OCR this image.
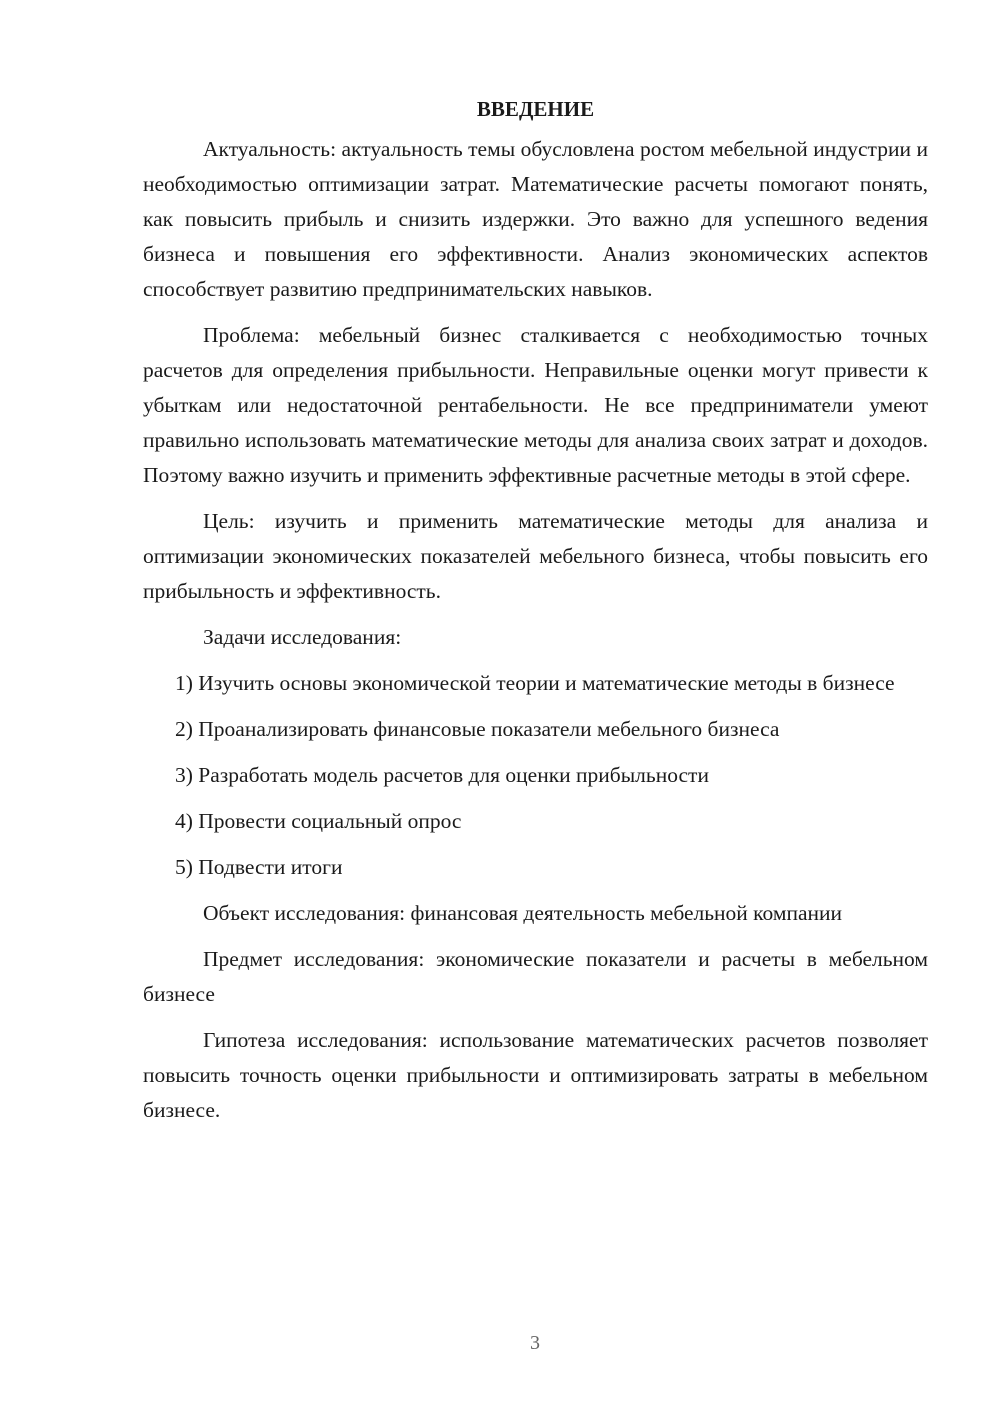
ВВЕДЕНИЕ

Актуальность: актуальность темы обусловлена ростом мебельной индустрии и необходимостью оптимизации затрат. Математические расчеты помогают понять, как повысить прибыль и снизить издержки. Это важно для успешного ведения бизнеса и повышения его эффективности. Анализ экономических аспектов способствует развитию предпринимательских навыков.

Проблема: мебельный бизнес сталкивается с необходимостью точных расчетов для определения прибыльности. Неправильные оценки могут привести к убыткам или недостаточной рентабельности. Не все предприниматели умеют правильно использовать математические методы для анализа своих затрат и доходов. Поэтому важно изучить и применить эффективные расчетные методы в этой сфере.

Цель: изучить и применить математические методы для анализа и оптимизации экономических показателей мебельного бизнеса, чтобы повысить его прибыльность и эффективность.

Задачи исследования:

1) Изучить основы экономической теории и математические методы в бизнесе

2) Проанализировать финансовые показатели мебельного бизнеса

3) Разработать модель расчетов для оценки прибыльности

4) Провести социальный опрос

5) Подвести итоги

Объект исследования: финансовая деятельность мебельной компании

Предмет исследования: экономические показатели и расчеты в мебельном бизнесе

Гипотеза исследования: использование математических расчетов позволяет повысить точность оценки прибыльности и оптимизировать затраты в мебельном бизнесе.

3
